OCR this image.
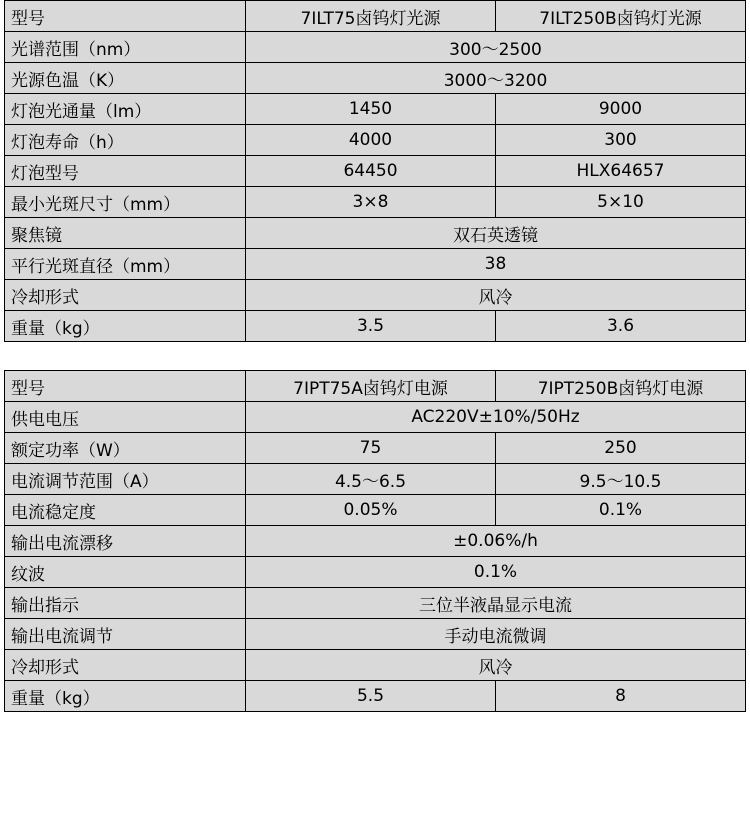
型号	7ILT75卤钨灯光源	7ILT250B卤钨灯光源
光谱范围（nm）	300～2500	
光源色温（K）	3000～3200	
灯泡光通量（lm）	1450	9000
灯泡寿命（h）	4000	300
灯泡型号	64450	HLX64657
最小光斑尺寸（mm）	3×8	5×10
聚焦镜	双石英透镜	
平行光斑直径（mm）	38	
冷却形式	风冷	
重量（kg）	3.5	3.6
型号	7IPT75A卤钨灯电源	7IPT250B卤钨灯电源
供电电压	AC220V±10%/50Hz	
额定功率（W）	75	250
电流调节范围（A）	4.5～6.5	9.5～10.5
电流稳定度	0.05%	0.1%
输出电流漂移	±0.06%/h	
纹波	0.1%	
输出指示	三位半液晶显示电流	
输出电流调节	手动电流微调	
冷却形式	风冷	
重量（kg）	5.5	8
